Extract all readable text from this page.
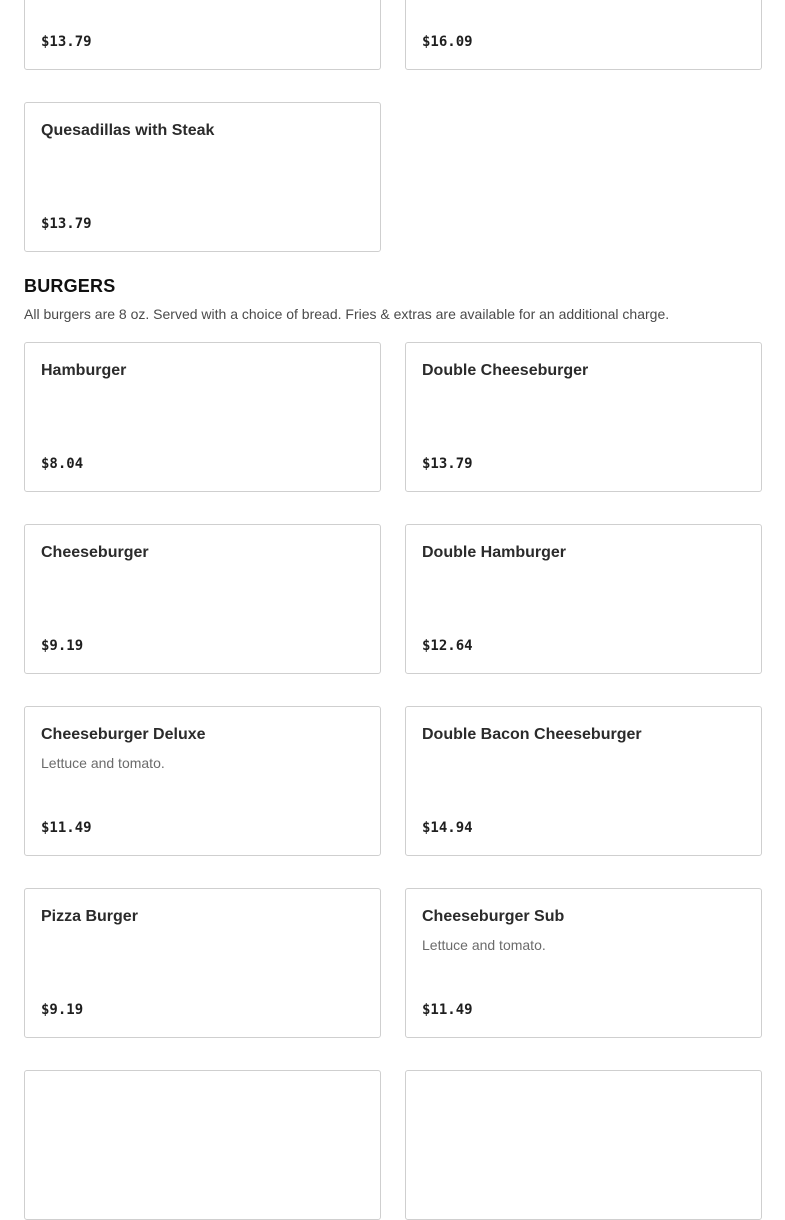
$13.79	$16.09
Quesadillas with Steak
$13.79
BURGERS

All burgers are 8 oz. Served with a choice of bread. Fries & extras are available for an additional charge.

Hamburger
$8.04
Double Cheeseburger
$13.79
Cheeseburger
$9.19
Double Hamburger
$12.64
Cheeseburger Deluxe
Lettuce and tomato.
$11.49
Double Bacon Cheeseburger
$14.94
Pizza Burger
$9.19
Cheeseburger Sub
Lettuce and tomato.
$11.49
